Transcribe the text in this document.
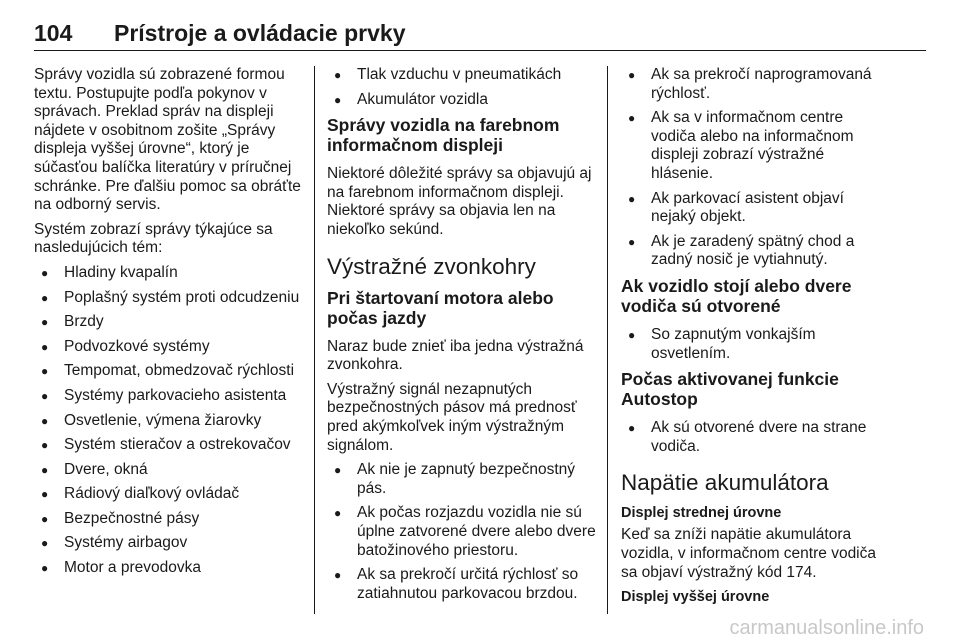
104 Prístroje a ovládacie prvky

Správy vozidla sú zobrazené formou textu. Postupujte podľa pokynov v správach. Preklad správ na displeji nájdete v osobitnom zošite „Správy displeja vyššej úrovne“, ktorý je súčasťou balíčka literatúry v príručnej schránke. Pre ďalšiu pomoc sa obráťte na odborný servis.

Systém zobrazí správy týkajúce sa nasledujúcich tém:

● Hladiny kvapalín
● Poplašný systém proti odcudzeniu
● Brzdy
● Podvozkové systémy
● Tempomat, obmedzovač rýchlosti
● Systémy parkovacieho asistenta
● Osvetlenie, výmena žiarovky
● Systém stieračov a ostrekovačov
● Dvere, okná
● Rádiový diaľkový ovládač
● Bezpečnostné pásy
● Systémy airbagov
● Motor a prevodovka
● Tlak vzduchu v pneumatikách
● Akumulátor vozidla
Správy vozidla na farebnom informačnom displeji

Niektoré dôležité správy sa objavujú aj na farebnom informačnom displeji. Niektoré správy sa objavia len na niekoľko sekúnd.

Výstražné zvonkohry
Pri štartovaní motora alebo počas jazdy

Naraz bude znieť iba jedna výstražná zvonkohra.

Výstražný signál nezapnutých bezpečnostných pásov má prednosť pred akýmkoľvek iným výstražným signálom.

● Ak nie je zapnutý bezpečnostný pás.
● Ak počas rozjazdu vozidla nie sú úplne zatvorené dvere alebo dvere batožinového priestoru.
● Ak sa prekročí určitá rýchlosť so zatiahnutou parkovacou brzdou.
● Ak sa prekročí naprogramovaná rýchlosť.
● Ak sa v informačnom centre vodiča alebo na informačnom displeji zobrazí výstražné hlásenie.
● Ak parkovací asistent objaví nejaký objekt.
● Ak je zaradený spätný chod a zadný nosič je vytiahnutý.
Ak vozidlo stojí alebo dvere vodiča sú otvorené
● So zapnutým vonkajším osvetlením.
Počas aktivovanej funkcie Autostop
● Ak sú otvorené dvere na strane vodiča.
Napätie akumulátora
Displej strednej úrovne

Keď sa zníži napätie akumulátora vozidla, v informačnom centre vodiča sa objaví výstražný kód 174.

Displej vyššej úrovne
carmanualsonline.info
